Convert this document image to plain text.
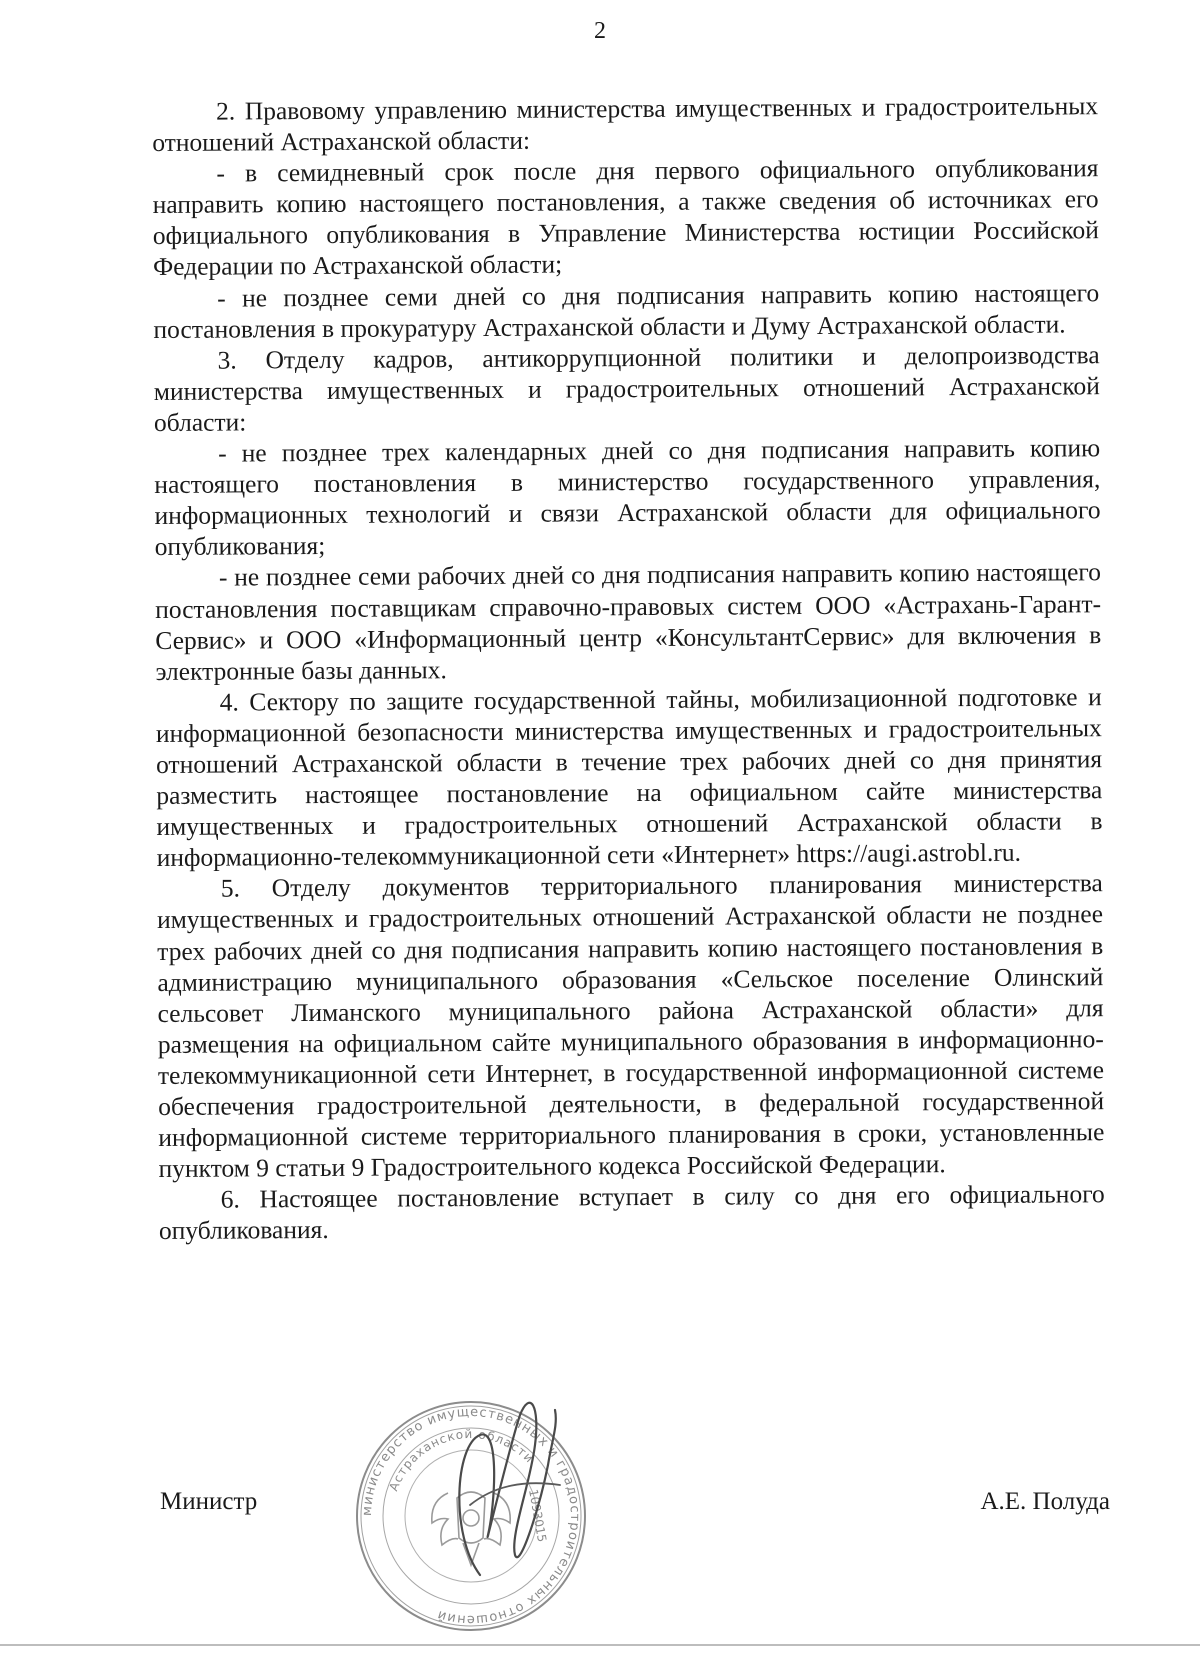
2

2. Правовому управлению министерства имущественных и градостроительных отношений Астраханской области:

- в семидневный срок после дня первого официального опубликования направить копию настоящего постановления, а также сведения об источниках его официального опубликования в Управление Министерства юстиции Российской Федерации по Астраханской области;

- не позднее семи дней со дня подписания направить копию настоящего постановления в прокуратуру Астраханской области и Думу Астраханской области.

3. Отделу кадров, антикоррупционной политики и делопроизводства министерства имущественных и градостроительных отношений Астраханской области:

- не позднее трех календарных дней со дня подписания направить копию настоящего постановления в министерство государственного управления, информационных технологий и связи Астраханской области для официального опубликования;

- не позднее семи рабочих дней со дня подписания направить копию настоящего постановления поставщикам справочно-правовых систем ООО «Астрахань-Гарант-Сервис» и ООО «Информационный центр «КонсультантСервис» для включения в электронные базы данных.

4. Сектору по защите государственной тайны, мобилизационной подготовке и информационной безопасности министерства имущественных и градостроительных отношений Астраханской области в течение трех рабочих дней со дня принятия разместить настоящее постановление на официальном сайте министерства имущественных и градостроительных отношений Астраханской области в информационно-телекоммуникационной сети «Интернет» https://augi.astrobl.ru.

5. Отделу документов территориального планирования министерства имущественных и градостроительных отношений Астраханской области не позднее трех рабочих дней со дня подписания направить копию настоящего постановления в администрацию муниципального образования «Сельское поселение Олинский сельсовет Лиманского муниципального района Астраханской области» для размещения на официальном сайте муниципального образования в информационно-телекоммуникационной сети Интернет, в государственной информационной системе обеспечения градостроительной деятельности, в федеральной государственной информационной системе территориального планирования в сроки, установленные пунктом 9 статьи 9 Градостроительного кодекса Российской Федерации.

6. Настоящее постановление вступает в силу со дня его официального опубликования.

министерство имущественных и градостроительных отношений
Астраханской области
1093015
Министр	А.Е. Полуда
